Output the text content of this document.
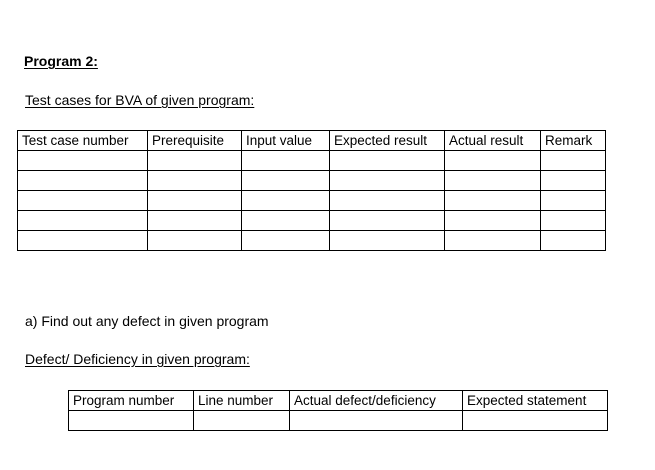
Program 2:
Test cases for BVA of given program:
Test case number	Prerequisite	Input value	Expected result	Actual result	Remark

a) Find out any defect in given program
Defect/ Deficiency in given program:
Program number	Line number	Actual defect/deficiency	Expected statement
